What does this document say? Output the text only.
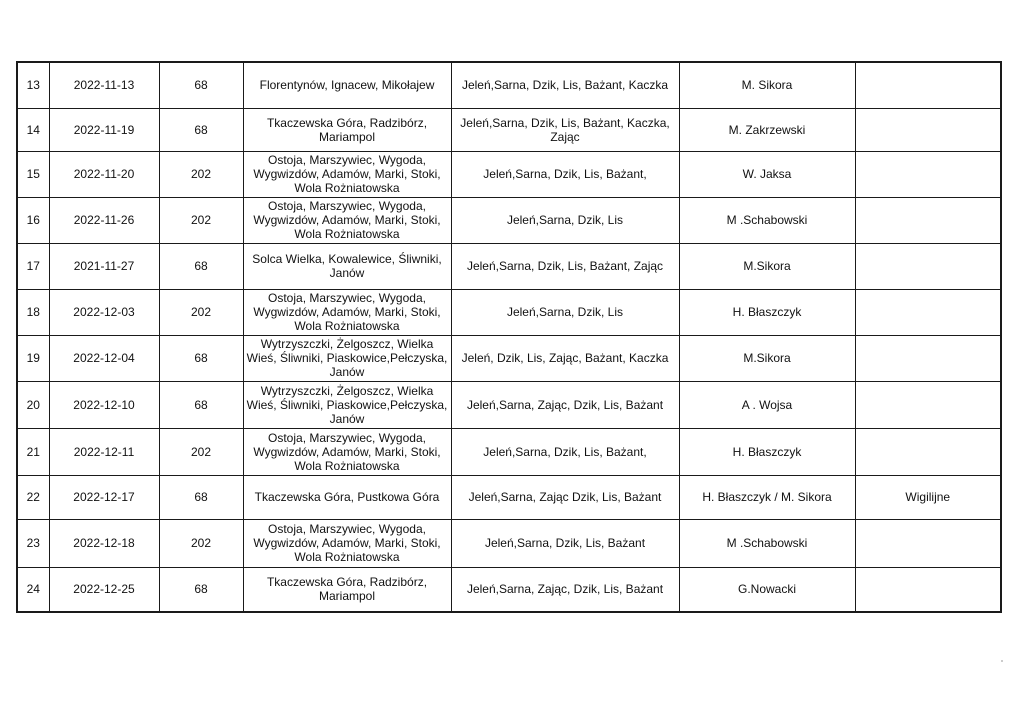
13	2022-11-13	68	Florentynów, Ignacew, Mikołajew	Jeleń,Sarna, Dzik, Lis, Bażant, Kaczka	M. Sikora	
14	2022-11-19	68	Tkaczewska Góra, Radzibórz, Mariampol	Jeleń,Sarna, Dzik, Lis, Bażant, Kaczka, Zając	M. Zakrzewski	
15	2022-11-20	202	Ostoja, Marszywiec, Wygoda, Wygwizdów, Adamów, Marki, Stoki, Wola Rożniatowska	Jeleń,Sarna, Dzik, Lis, Bażant,	W. Jaksa	
16	2022-11-26	202	Ostoja, Marszywiec, Wygoda, Wygwizdów, Adamów, Marki, Stoki, Wola Rożniatowska	Jeleń,Sarna, Dzik, Lis	M .Schabowski	
17	2021-11-27	68	Solca Wielka, Kowalewice, Śliwniki, Janów	Jeleń,Sarna, Dzik, Lis, Bażant, Zając	M.Sikora	
18	2022-12-03	202	Ostoja, Marszywiec, Wygoda, Wygwizdów, Adamów, Marki, Stoki, Wola Rożniatowska	Jeleń,Sarna, Dzik, Lis	H. Błaszczyk	
19	2022-12-04	68	Wytrzyszczki, Żelgoszcz, Wielka Wieś, Śliwniki, Piaskowice,Pełczyska, Janów	Jeleń, Dzik, Lis, Zając, Bażant, Kaczka	M.Sikora	
20	2022-12-10	68	Wytrzyszczki, Żelgoszcz, Wielka Wieś, Śliwniki, Piaskowice,Pełczyska, Janów	Jeleń,Sarna, Zając, Dzik, Lis, Bażant	A . Wojsa	
21	2022-12-11	202	Ostoja, Marszywiec, Wygoda, Wygwizdów, Adamów, Marki, Stoki, Wola Rożniatowska	Jeleń,Sarna, Dzik, Lis, Bażant,	H. Błaszczyk	
22	2022-12-17	68	Tkaczewska Góra, Pustkowa Góra	Jeleń,Sarna, Zając Dzik, Lis, Bażant	H. Błaszczyk / M. Sikora	Wigilijne
23	2022-12-18	202	Ostoja, Marszywiec, Wygoda, Wygwizdów, Adamów, Marki, Stoki, Wola Rożniatowska	Jeleń,Sarna, Dzik, Lis, Bażant	M .Schabowski	
24	2022-12-25	68	Tkaczewska Góra, Radzibórz, Mariampol	Jeleń,Sarna, Zając, Dzik, Lis, Bażant	G.Nowacki	
